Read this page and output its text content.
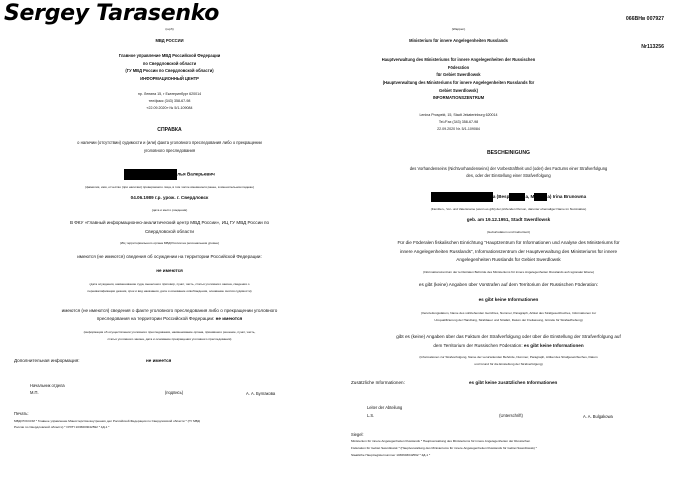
Sergey Tarasenko
(герб)
МВД РОССИИ
Главное управление МВД Российской Федерации
по Свердловской области
(ГУ МВД России по Свердловской области)
ИНФОРМАЦИОННЫЙ ЦЕНТР
пр. Ленина 15, г Екатеринбург 620014
тел/факс (343) 358-67-98
«22.09.2020» № 5/1-109084
СПРАВКА
о наличии (отсутствии) судимости и (или) факта уголовного преследования либо о прекращении
уголовного преследования
лья Валерьевич
(фамилия, имя, отчество (при наличии) проверяемого лица, в том числе имевшиеся ранее, в именительном падеже)
04.06.1989 г.р. урож. г. Свердловск
(дата и место рождения)
В ФКУ «Главный информационно-аналитический центр МВД России», ИЦ ГУ МВД России по
Свердловской области
(ИЦ территориального органа МВД России на региональном уровне)
имеются (не имеются) сведения об осуждении на территории Российской Федерации:
не имеются
(дата осуждения, наименование суда, вынесшего приговор, пункт, часть, статья уголовного закона, сведения о
переквалификации деяния, срок и вид наказания, дата и основание освобождения, основание снятия судимости)
имеются (не имеются) сведения о факте уголовного преследования либо о прекращении уголовного
преследования на территории Российской Федерации: не имеются
(информация об осуществлении уголовного преследования, наименование органа, принявшего решение, пункт, часть,
статья уголовного закона, дата и основание прекращения уголовного преследования)
Дополнительная информация:	не имеется
Начальник отдела
М.П.	(подпись)	А. А. Булгакова
Печать:
МВД РОССИИ * Главное управление Министерства внутренних дел Российской Федерации по Свердловской области * (ГУ МВД
России по Свердловской области) * ОГРН 1036603042592 * 4Д-1 *
066ВНв 007927
Nr113256
(Wappen)
Ministerium für innere Angelegenheiten Russlands
Hauptverwaltung des Ministeriums für innere Angelegenheiten der Russischen
Föderation
für Gebiet Swerdlowsk
(Hauptverwaltung des Ministeriums für innere Angelegenheiten Russlands für
Gebiet Swerdlowsk)
INFORMATIONSZENTRUM
Lenina Prospekt, 15, Stadt Jekaterinburg 620014
Tel./Fax (343) 358-67-98
22.09.2020 Nr. 5/1-109084
BESCHEINIGUNG
des Vorhandenseins (Nichtvorhandenseins) der Vorbestraftheit und (oder) des Factums einer Strafverfolgung
des, oder der Einstellung einer Strafverfolgung
a (Besp	a, M	a) Irina Brunowna
(Familien-, Vor- und Vatersname (wenn es gibt) der prüfenden Person, darunter ehemaliger Name im Nominative)
geb. am 19.12.1951, Stadt Swerdlowsk
(Geburtsdatum und Geburtsort)
Für die Föderalen fiskalischen Einrichtung "Hauptzentrum für Informationen und Analyse des Ministeriums für
innere Angelegenheiten Russlands", Informationszentrum der Hauptverwaltung des Ministeriums für innere
Angelegenheiten Russlands für Gebiet Swerdlowsk
(Informationszentrum der territorialen Behörde des Ministeriums für innere Angelegenheiten Russlands auf regionaler Ebene)
es gibt (keine) Angaben über Vorstrafen auf dem Territorium der Russischen Föderation:
es gibt keine Informationen
(Verurteilungsdatum, Name des vollziehenden Gerichtes, Nummer, Paragraph, Artikel des Strafgesetzbuches, Informationen zur
Umqualifizierung der Handlung, Strafdauer und Strafart, Datum der Freilassung, Gründe für Strafaufhebung)
gibt es (keine) Angaben über das Faktum der Strafverfolgung oder über die Einstellung der Strafverfolgung auf
dem Territorium der Russischen Föderation: es gibt keine Informationen
(Informationen zur Strafverfolgung, Name der verurteilenden Behörde, Nummer, Paragraph, Artikel des Strafgesetzbuches, Datum
und Grund für die Einstellung der Strafverfolgung)
Zusätzliche Informationen:	es gibt keine zusätzlichen Informationen
Leiter der Abteilung
L.S.	(Unterschrift)	A. A. Bulgakowa
Siegel:
Ministerium für innere Angelegenheiten Russlands * Hauptverwaltung des Ministeriums für innere Angelegenheiten der Russischen
Föderation für Gebiet Swerdlowsk * (Hauptverwaltung des Ministeriums für innere Angelegenheiten Russlands für Gebiet Swerdlowsk) *
Staatliche Hauptregisternummer 1036603042592 * 4Д-1 *
